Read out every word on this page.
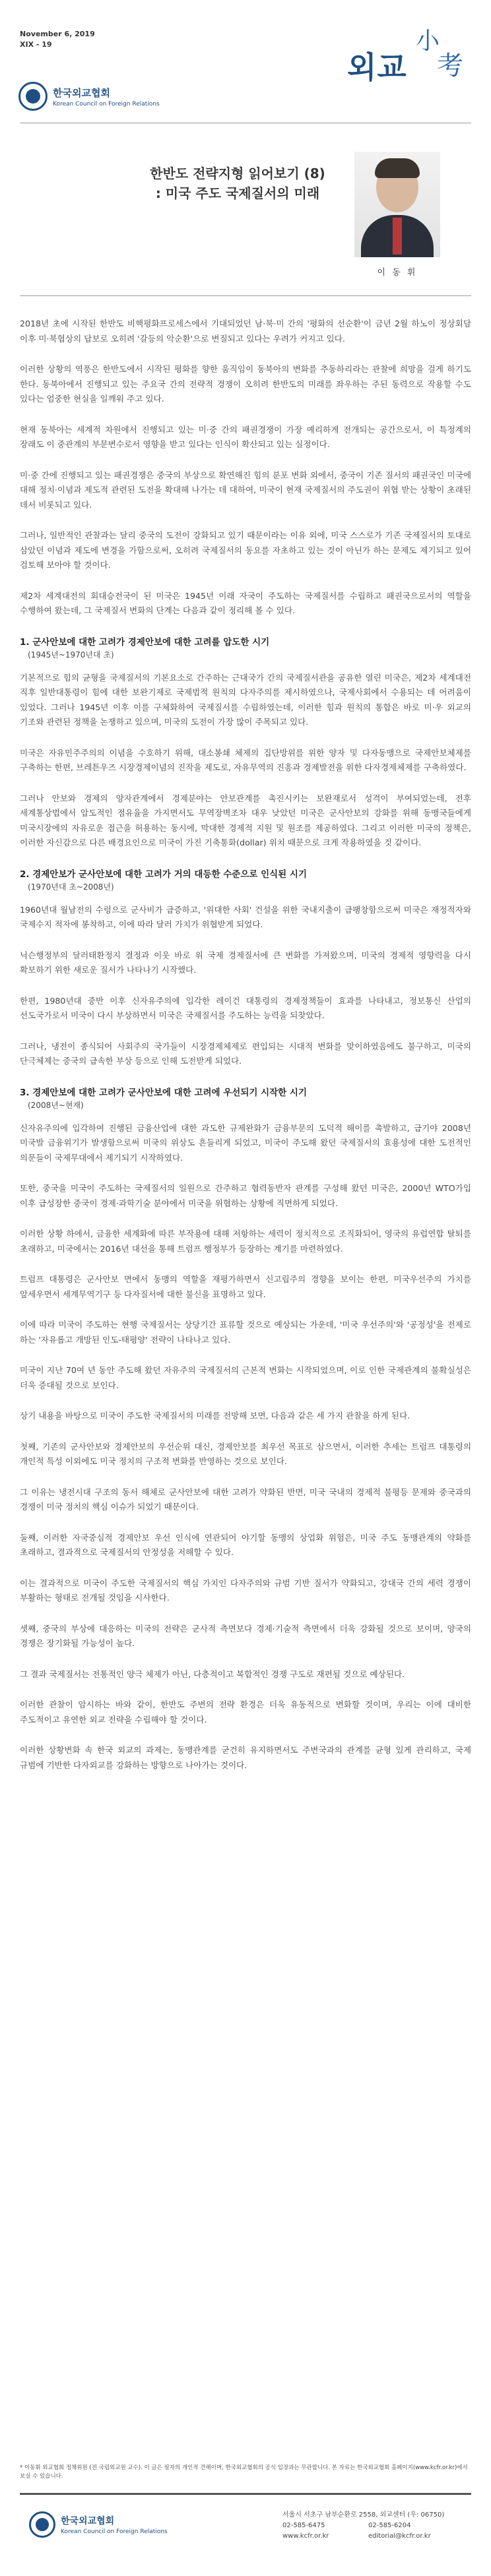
November 6, 2019
XIX - 19
외교
小
考
한국외교협회
Korean Council on Foreign Relations
한반도 전략지형 읽어보기 (8)
: 미국 주도 국제질서의 미래
이 동 휘

2018년 초에 시작된 한반도 비핵평화프로세스에서 기대되었던 남·북·미 간의 '평화의 선순환'이 금년 2월 하노이 정상회담 이후 미·북협상의 답보로 오히려 '갈등의 악순환'으로 변질되고 있다는 우려가 커지고 있다.

이러한 상황의 역풍은 한반도에서 시작된 평화를 향한 움직임이 동북아의 변화를 추동하리라는 관찰에 희망을 걸게 하기도 한다. 동북아에서 진행되고 있는 주요국 간의 전략적 경쟁이 오히려 한반도의 미래를 좌우하는 주된 동력으로 작용할 수도 있다는 엄중한 현실을 일깨워 주고 있다.

현재 동북아는 세계적 차원에서 진행되고 있는 미·중 간의 패권경쟁이 가장 예리하게 전개되는 공간으로서, 이 특정계의 장래도 이 중관계의 부문변수로서 영향을 받고 있다는 인식이 확산되고 있는 실정이다.

미·중 간에 진행되고 있는 패권경쟁은 중국의 부상으로 확연해진 힘의 분포 변화 외에서, 중국이 기존 질서의 패권국인 미국에 대해 정치·이념과 제도적 관련된 도전을 확대해 나가는 데 대하여, 미국이 현재 국제질서의 주도권이 위협 받는 상황이 초래된 데서 비롯되고 있다.

그러나, 일반적인 관찰과는 달리 중국의 도전이 강화되고 있기 때문이라는 이유 외에, 미국 스스로가 기존 국제질서의 토대로 삼았던 이념과 제도에 변경을 가함으로써, 오히려 국제질서의 동요를 자초하고 있는 것이 아닌가 하는 문제도 제기되고 있어 검토해 보아야 할 것이다.

제2차 세계대전의 회대승전국이 된 미국은 1945년 이래 자국이 주도하는 국제질서를 수립하고 패권국으로서의 역할을 수행하여 왔는데, 그 국제질서 변화의 단계는 다음과 같이 정리해 볼 수 있다.

1. 군사안보에 대한 고려가 경제안보에 대한 고려를 압도한 시기
(1945년~1970년대 초)

기본적으로 힘의 균형을 국제질서의 기본요소로 간주하는 근대국가 간의 국제질서관을 공유한 열린 미국은, 제2차 세계대전 직후 일반대통령이 힘에 대한 보완기제로 국제법적 원칙의 다자주의를 제시하였으나, 국제사회에서 수용되는 데 어려움이 있었다. 그러나 1945년 이후 이를 구체화하여 국제질서를 수립하였는데, 이러한 힘과 원칙의 통합은 바로 미·우 외교의 기조와 관련된 정책을 논쟁하고 있으며, 미국의 도전이 가장 많이 주목되고 있다.

미국은 자유민주주의의 이념을 수호하기 위해, 대소봉쇄 체제의 집단방위를 위한 양자 및 다자동맹으로 국제안보체제를 구축하는 한편, 브레튼우즈 시장경제이념의 진작을 제도로, 자유무역의 진흥과 경제발전을 위한 다자경제체제를 구축하였다.

그러나 안보와 경제의 양자관계에서 경제분야는 안보관계를 촉진시키는 보완재로서 성격이 부여되었는데, 전후 세계통상법에서 압도적인 점유율을 가지면서도 무역장벽조차 대우 낮았던 미국은 군사안보의 강화를 위해 동맹국들에게 미국시장에의 자유로운 접근을 허용하는 동시에, 막대한 경제적 지원 및 원조를 제공하였다. 그리고 이러한 미국의 정책은, 이러한 자신감으로 다른 배경요인으로 미국이 가진 기축통화(dollar) 위치 때문으로 크게 작용하였을 것 같이다.

2. 경제안보가 군사안보에 대한 고려가 거의 대등한 수준으로 인식된 시기
(1970년대 초~2008년)

1960년대 월남전의 수렁으로 군사비가 급증하고, '위대한 사회' 건설을 위한 국내지출이 급팽창함으로써 미국은 재정적자와 국제수지 적자에 봉착하고, 이에 따라 달러 가치가 위협받게 되었다.

닉슨행정부의 달러태환정지 결정과 이웃 바로 위 국제 경제질서에 큰 변화를 가져왔으며, 미국의 경제적 영향력을 다시 확보하기 위한 새로운 질서가 나타나기 시작했다.

한편, 1980년대 중반 이후 신자유주의에 입각한 레이건 대통령의 경제정책들이 효과를 나타내고, 정보통신 산업의 선도국가로서 미국이 다시 부상하면서 미국은 국제질서를 주도하는 능력을 되찾았다.

그러나, 냉전이 종식되어 사회주의 국가들이 시장경제체제로 편입되는 시대적 변화를 맞이하였음에도 불구하고, 미국의 단극체제는 중국의 급속한 부상 등으로 인해 도전받게 되었다.

3. 경제안보에 대한 고려가 군사안보에 대한 고려에 우선되기 시작한 시기
(2008년~현재)

신자유주의에 입각하여 진행된 금융산업에 대한 과도한 규제완화가 금융부문의 도덕적 해이를 촉발하고, 급기야 2008년 미국발 금융위기가 발생함으로써 미국의 위상도 흔들리게 되었고, 미국이 주도해 왔던 국제질서의 효용성에 대한 도전적인 의문들이 국제무대에서 제기되기 시작하였다.

또한, 중국을 미국이 주도하는 국제질서의 일원으로 간주하고 협력동반자 관계를 구성해 왔던 미국은, 2000년 WTO가입 이후 급성장한 중국이 경제·과학기술 분야에서 미국을 위협하는 상황에 직면하게 되었다.

이러한 상황 하에서, 금융한 세계화에 따른 부작용에 대해 저항하는 세력이 정치적으로 조직화되어, 영국의 유럽연합 탈퇴를 초래하고, 미국에서는 2016년 대선을 통해 트럼프 행정부가 등장하는 계기를 마련하였다.

트럼프 대통령은 군사안보 면에서 동맹의 역할을 재평가하면서 신고립주의 경향을 보이는 한편, 미국우선주의 가치를 앞세우면서 세계무역기구 등 다자질서에 대한 불신을 표명하고 있다.

이에 따라 미국이 주도하는 현행 국제질서는 상당기간 표류할 것으로 예상되는 가운데, '미국 우선주의'와 '공정성'을 전제로 하는 '자유롭고 개방된 인도-태평양' 전략이 나타나고 있다.

미국이 지난 70여 년 동안 주도해 왔던 자유주의 국제질서의 근본적 변화는 시작되었으며, 이로 인한 국제관계의 불확실성은 더욱 증대될 것으로 보인다.

상기 내용을 바탕으로 미국이 주도한 국제질서의 미래를 전망해 보면, 다음과 같은 세 가지 관찰을 하게 된다.

첫째, 기존의 군사안보와 경제안보의 우선순위 대신, 경제안보를 최우선 목표로 삼으면서, 이러한 추세는 트럼프 대통령의 개인적 특성 이외에도 미국 정치의 구조적 변화를 반영하는 것으로 보인다.

그 이유는 냉전시대 구조의 동서 해체로 군사안보에 대한 고려가 약화된 반면, 미국 국내의 경제적 불평등 문제와 중국과의 경쟁이 미국 정치의 핵심 이슈가 되었기 때문이다.

둘째, 이러한 자국중심적 경제안보 우선 인식에 연관되어 야기할 동맹의 상업화 위험은, 미국 주도 동맹관계의 약화를 초래하고, 결과적으로 국제질서의 안정성을 저해할 수 있다.

이는 결과적으로 미국이 주도한 국제질서의 핵심 가치인 다자주의와 규범 기반 질서가 약화되고, 강대국 간의 세력 경쟁이 부활하는 형태로 전개될 것임을 시사한다.

셋째, 중국의 부상에 대응하는 미국의 전략은 군사적 측면보다 경제·기술적 측면에서 더욱 강화될 것으로 보이며, 양국의 경쟁은 장기화될 가능성이 높다.

그 결과 국제질서는 전통적인 양극 체제가 아닌, 다층적이고 복합적인 경쟁 구도로 재편될 것으로 예상된다.

이러한 관찰이 암시하는 바와 같이, 한반도 주변의 전략 환경은 더욱 유동적으로 변화할 것이며, 우리는 이에 대비한 주도적이고 유연한 외교 전략을 수립해야 할 것이다.

이러한 상황변화 속 한국 외교의 과제는, 동맹관계를 굳건히 유지하면서도 주변국과의 관계를 균형 있게 관리하고, 국제 규범에 기반한 다자외교를 강화하는 방향으로 나아가는 것이다.

* 이동휘 외교협회 정책위원 (전 국립외교원 교수). 이 글은 필자의 개인적 견해이며, 한국외교협회의 공식 입장과는 무관합니다. 본 자료는 한국외교협회 홈페이지(www.kcfr.or.kr)에서 보실 수 있습니다.
한국외교협회
Korean Council on Foreign Relations
서울시 서초구 남부순환로 2558, 외교센터 (우: 06750)
02-585-6475	02-585-6204
www.kcfr.or.kr	editorial@kcfr.or.kr
